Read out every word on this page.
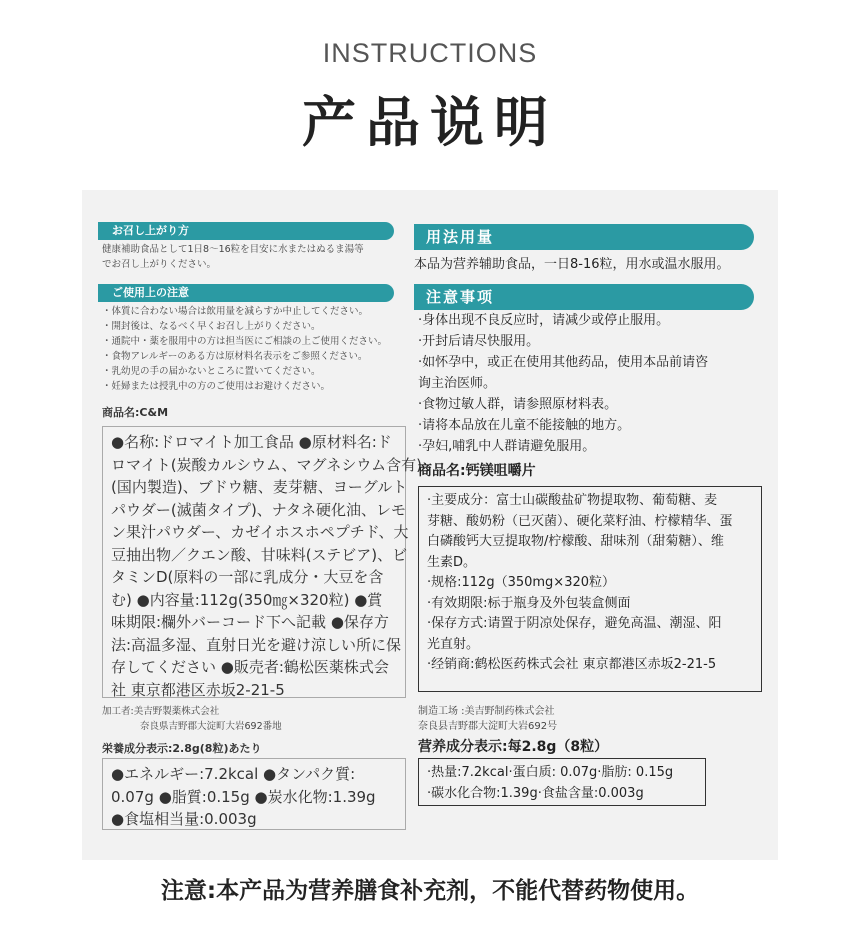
INSTRUCTIONS
产品说明
お召し上がり方
健康補助食品として1日8〜16粒を目安に水またはぬるま湯等
でお召し上がりください。
ご使用上の注意
・体質に合わない場合は飲用量を減らすか中止してください。
・開封後は、なるべく早くお召し上がりください。
・通院中・薬を服用中の方は担当医にご相談の上ご使用ください。
・食物アレルギーのある方は原材料名表示をご参照ください。
・乳幼児の手の届かないところに置いてください。
・妊婦または授乳中の方のご使用はお避けください。
商品名:C&M
●名称:ドロマイト加工食品 ●原材料名:ド
ロマイト(炭酸カルシウム、マグネシウム含有)
(国内製造)、ブドウ糖、麦芽糖、ヨーグルト
パウダー(滅菌タイプ)、ナタネ硬化油、レモ
ン果汁パウダー、カゼイホスホペプチド、大
豆抽出物／クエン酸、甘味料(ステビア)、ビ
タミンD(原料の一部に乳成分・大豆を含
む) ●内容量:112g(350㎎×320粒) ●賞
味期限:欄外バーコード下へ記載 ●保存方
法:高温多湿、直射日光を避け涼しい所に保
存してください ●販売者:鶴松医薬株式会
社 東京都港区赤坂2-21-5
加工者:美吉野製薬株式会社
　　　　奈良県吉野郡大淀町大岩692番地
栄養成分表示:2.8g(8粒)あたり
●エネルギー:7.2kcal ●タンパク質:
0.07g ●脂質:0.15g ●炭水化物:1.39g
●食塩相当量:0.003g
用法用量
本品为营养辅助食品，一日8-16粒，用水或温水服用。
注意事项
·身体出现不良反应时，请减少或停止服用。
·开封后请尽快服用。
·如怀孕中，或正在使用其他药品，使用本品前请咨
询主治医师。
·食物过敏人群，请参照原材料表。
·请将本品放在儿童不能接触的地方。
·孕妇,哺乳中人群请避免服用。
商品名:钙镁咀嚼片
·主要成分：富士山碳酸盐矿物提取物、葡萄糖、麦
芽糖、酸奶粉（已灭菌）、硬化菜籽油、柠檬精华、蛋
白磷酸钙大豆提取物/柠檬酸、甜味剂（甜菊糖）、维
生素D。
·规格:112g（350mg×320粒）
·有效期限:标于瓶身及外包装盒侧面
·保存方式:请置于阴凉处保存，避免高温、潮湿、阳
光直射。
·经销商:鹤松医药株式会社 東京都港区赤坂2-21-5
制造工场 :美吉野制药株式会社
奈良县吉野郡大淀町大岩692号
营养成分表示:每2.8g（8粒）
·热量:7.2kcal·蛋白质: 0.07g·脂肪: 0.15g
·碳水化合物:1.39g·食盐含量:0.003g
注意:本产品为营养膳食补充剂，不能代替药物使用。
